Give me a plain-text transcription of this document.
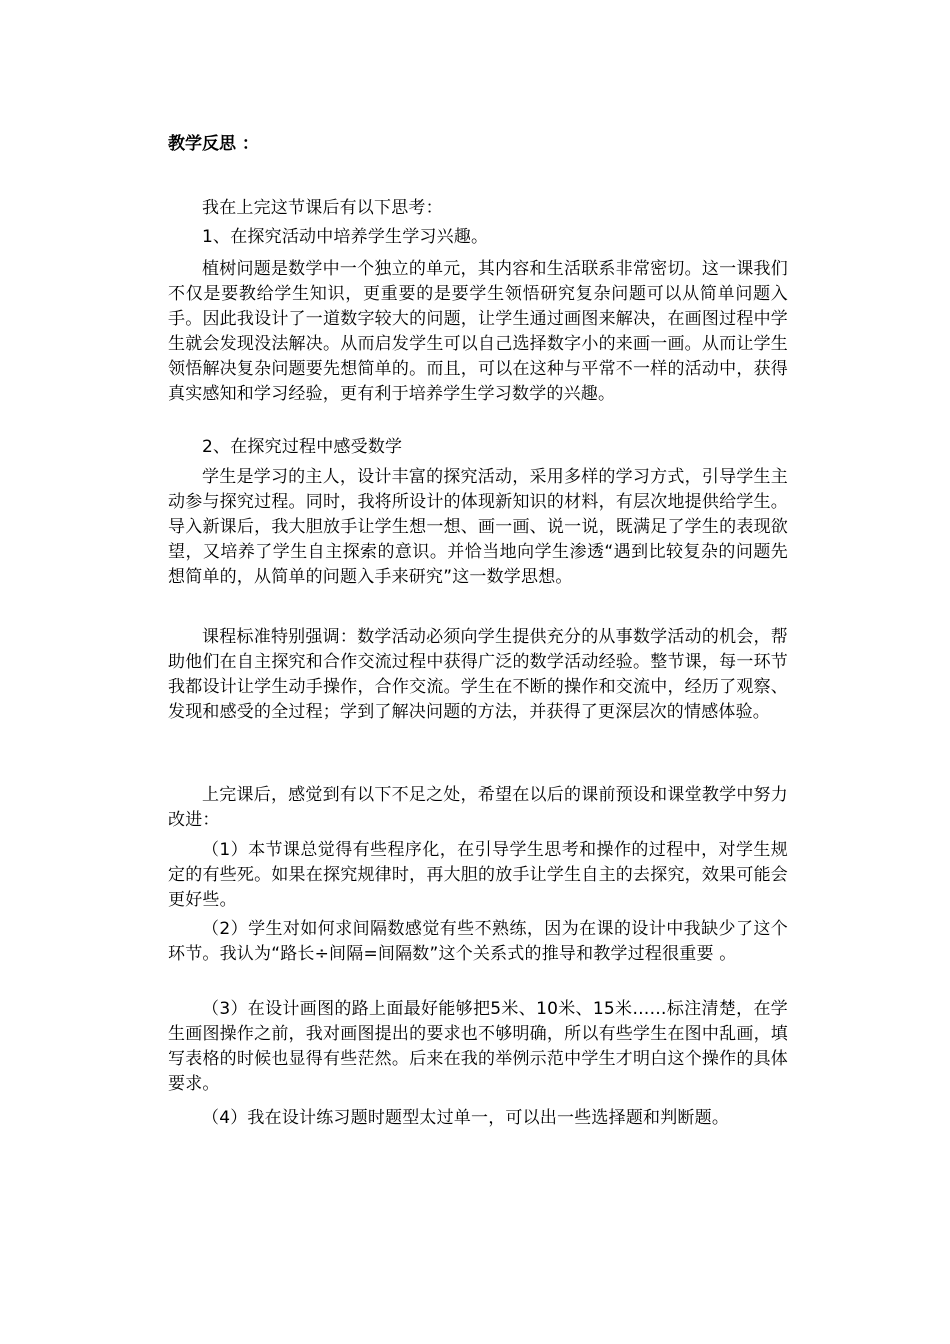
教学反思 ：

我在上完这节课后有以下思考：

1、在探究活动中培养学生学习兴趣。

植树问题是数学中一个独立的单元，其内容和生活联系非常密切。这一课我们不仅是要教给学生知识，更重要的是要学生领悟研究复杂问题可以从简单问题入手。因此我设计了一道数字较大的问题，让学生通过画图来解决，在画图过程中学生就会发现没法解决。从而启发学生可以自己选择数字小的来画一画。从而让学生领悟解决复杂问题要先想简单的。而且，可以在这种与平常不一样的活动中，获得真实感知和学习经验，更有利于培养学生学习数学的兴趣。

2、在探究过程中感受数学

学生是学习的主人，设计丰富的探究活动，采用多样的学习方式，引导学生主动参与探究过程。同时，我将所设计的体现新知识的材料，有层次地提供给学生。导入新课后，我大胆放手让学生想一想、画一画、说一说，既满足了学生的表现欲望，又培养了学生自主探索的意识。并恰当地向学生渗透“遇到比较复杂的问题先想简单的，从简单的问题入手来研究”这一数学思想。

课程标准特别强调：数学活动必须向学生提供充分的从事数学活动的机会，帮助他们在自主探究和合作交流过程中获得广泛的数学活动经验。整节课，每一环节我都设计让学生动手操作，合作交流。学生在不断的操作和交流中，经历了观察、发现和感受的全过程；学到了解决问题的方法，并获得了更深层次的情感体验。

上完课后，感觉到有以下不足之处，希望在以后的课前预设和课堂教学中努力改进：

（1）本节课总觉得有些程序化，在引导学生思考和操作的过程中，对学生规定的有些死。如果在探究规律时，再大胆的放手让学生自主的去探究，效果可能会更好些。

（2）学生对如何求间隔数感觉有些不熟练，因为在课的设计中我缺少了这个环节。我认为“路长÷间隔=间隔数”这个关系式的推导和教学过程很重要 。

（3）在设计画图的路上面最好能够把5米、10米、15米……标注清楚，在学生画图操作之前，我对画图提出的要求也不够明确，所以有些学生在图中乱画，填写表格的时候也显得有些茫然。后来在我的举例示范中学生才明白这个操作的具体要求。

（4）我在设计练习题时题型太过单一，可以出一些选择题和判断题。
